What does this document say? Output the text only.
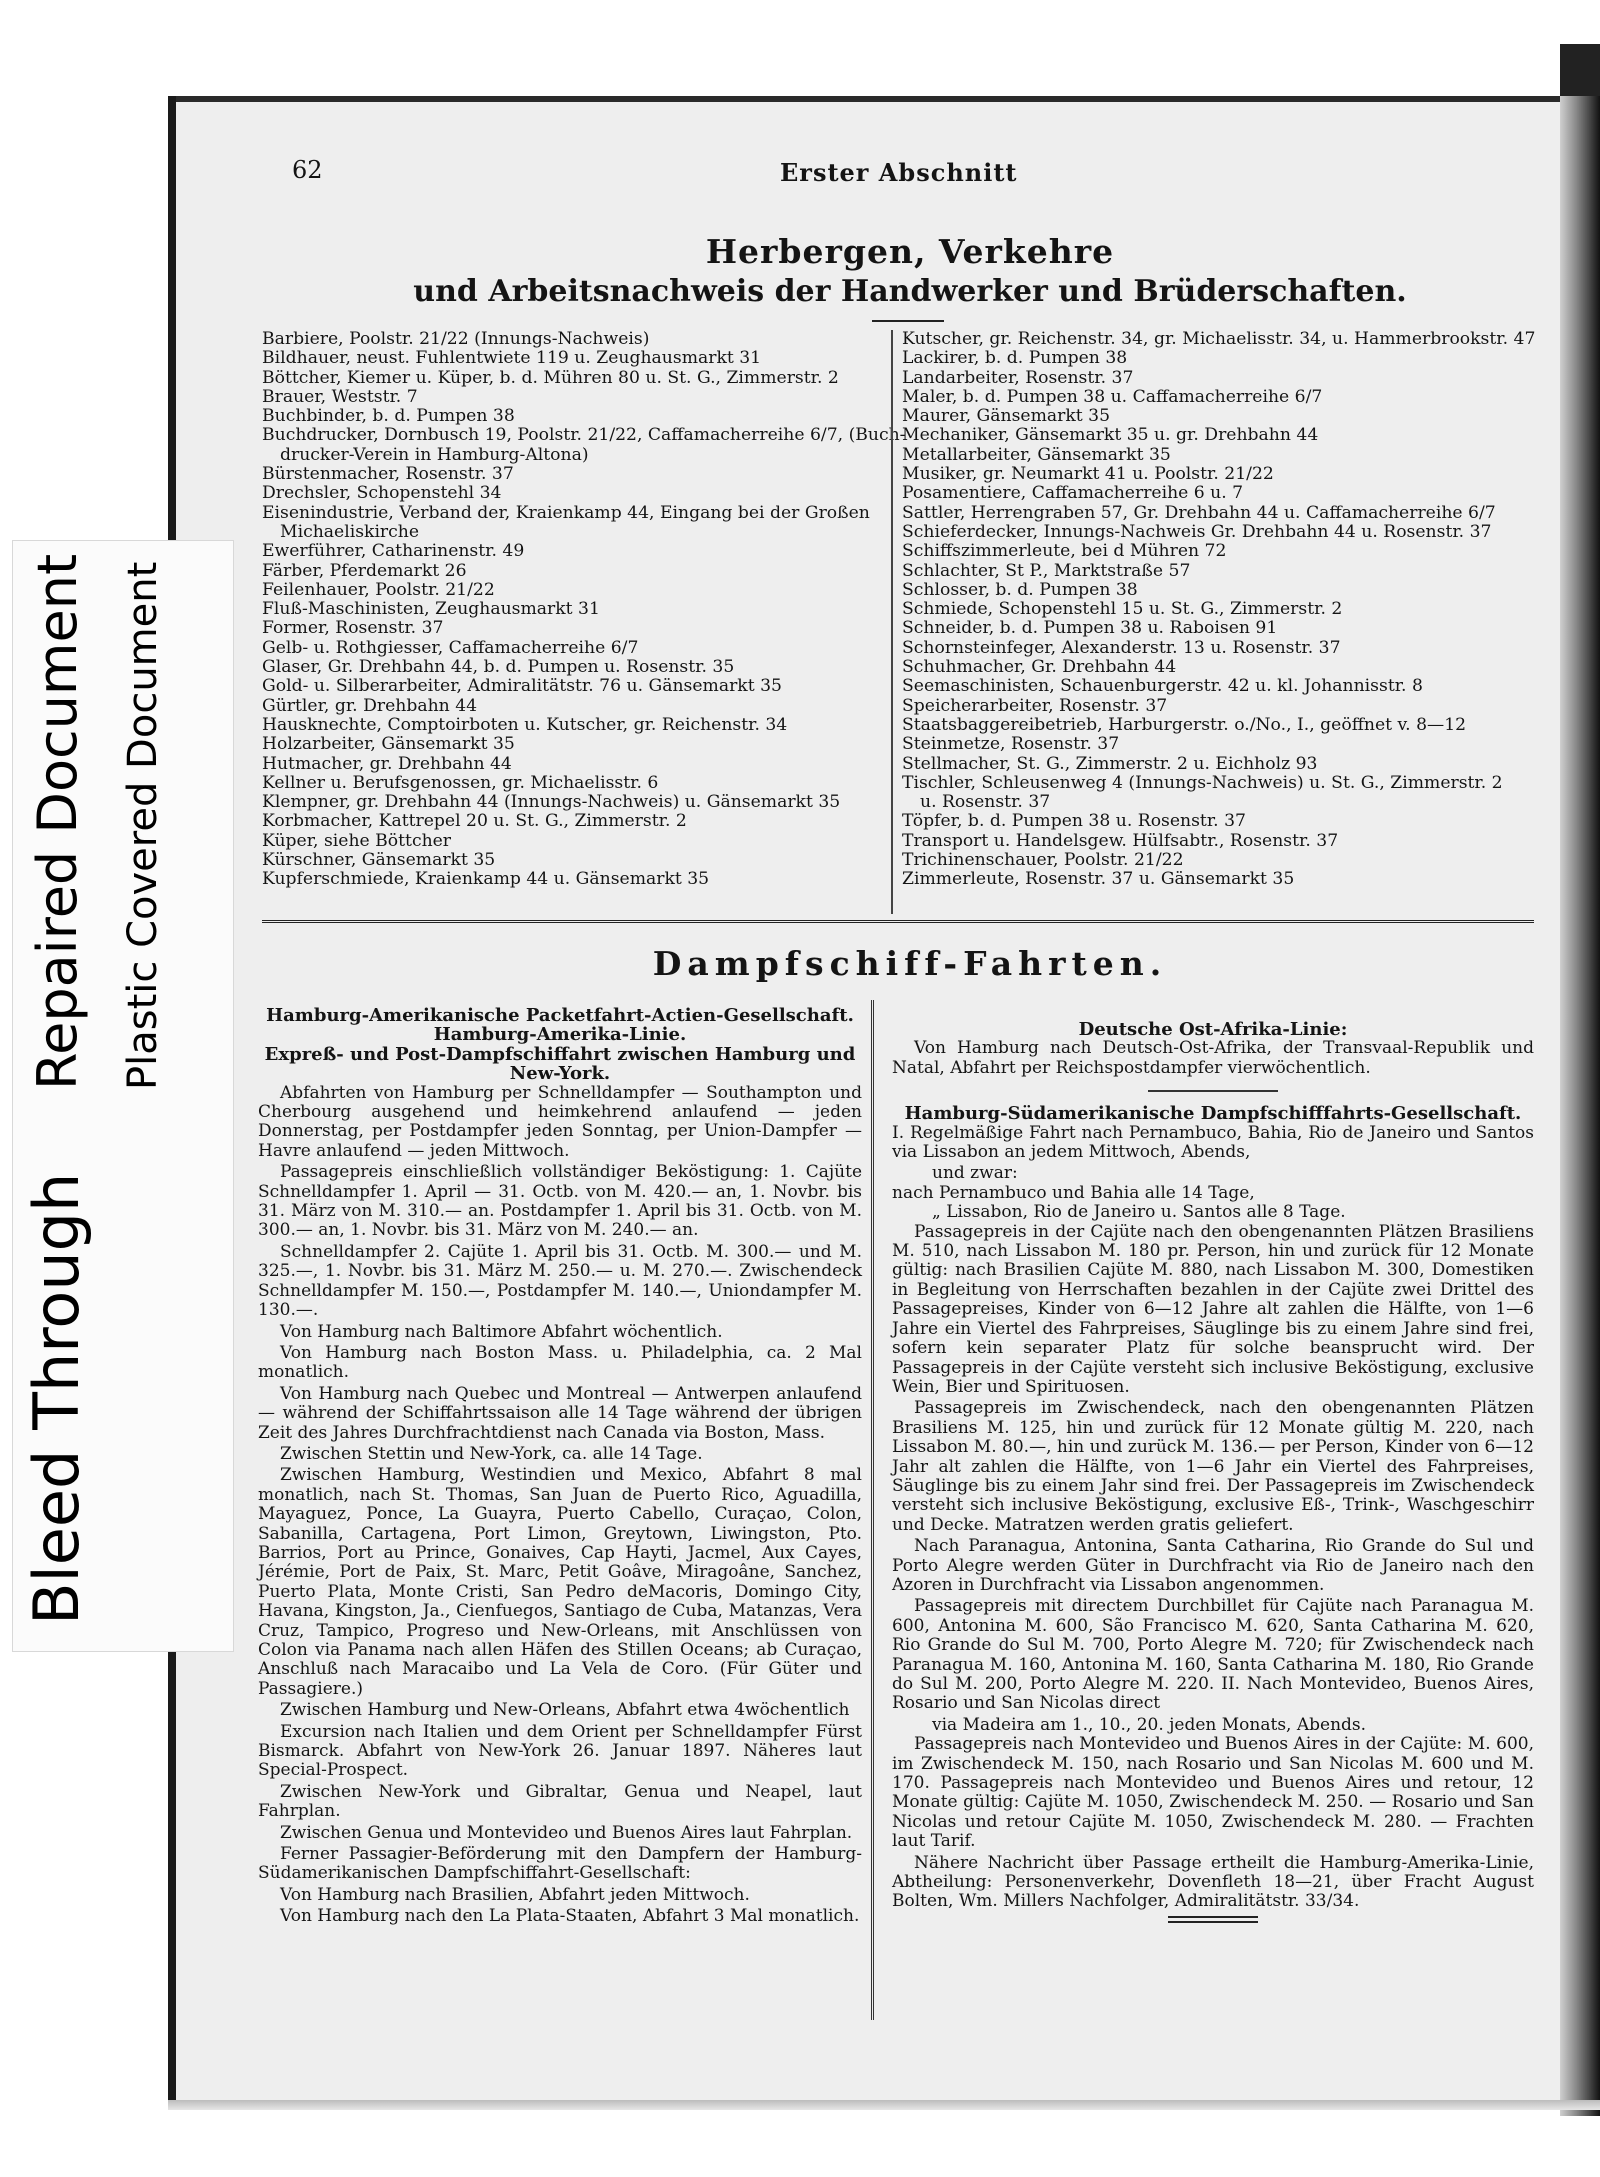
Bleed Through
Repaired Document Plastic Covered Document
62	Erster Abschnitt
Herbergen, Verkehre
und Arbeitsnachweis der Handwerker und Brüderschaften.
Barbiere, Poolstr. 21/22 (Innungs-Nachweis)
Bildhauer, neust. Fuhlentwiete 119 u. Zeughausmarkt 31
Böttcher, Kiemer u. Küper, b. d. Mühren 80 u. St. G., Zimmerstr. 2
Brauer, Weststr. 7
Buchbinder, b. d. Pumpen 38
Buchdrucker, Dornbusch 19, Poolstr. 21/22, Caffamacherreihe 6/7, (Buch-
drucker-Verein in Hamburg-Altona)
Bürstenmacher, Rosenstr. 37
Drechsler, Schopenstehl 34
Eisenindustrie, Verband der, Kraienkamp 44, Eingang bei der Großen
Michaeliskirche
Ewerführer, Catharinenstr. 49
Färber, Pferdemarkt 26
Feilenhauer, Poolstr. 21/22
Fluß-Maschinisten, Zeughausmarkt 31
Former, Rosenstr. 37
Gelb- u. Rothgiesser, Caffamacherreihe 6/7
Glaser, Gr. Drehbahn 44, b. d. Pumpen u. Rosenstr. 35
Gold- u. Silberarbeiter, Admiralitätstr. 76 u. Gänsemarkt 35
Gürtler, gr. Drehbahn 44
Hausknechte, Comptoirboten u. Kutscher, gr. Reichenstr. 34
Holzarbeiter, Gänsemarkt 35
Hutmacher, gr. Drehbahn 44
Kellner u. Berufsgenossen, gr. Michaelisstr. 6
Klempner, gr. Drehbahn 44 (Innungs-Nachweis) u. Gänsemarkt 35
Korbmacher, Kattrepel 20 u. St. G., Zimmerstr. 2
Küper, siehe Böttcher
Kürschner, Gänsemarkt 35
Kupferschmiede, Kraienkamp 44 u. Gänsemarkt 35
Kutscher, gr. Reichenstr. 34, gr. Michaelisstr. 34, u. Hammerbrookstr. 47
Lackirer, b. d. Pumpen 38
Landarbeiter, Rosenstr. 37
Maler, b. d. Pumpen 38 u. Caffamacherreihe 6/7
Maurer, Gänsemarkt 35
Mechaniker, Gänsemarkt 35 u. gr. Drehbahn 44
Metallarbeiter, Gänsemarkt 35
Musiker, gr. Neumarkt 41 u. Poolstr. 21/22
Posamentiere, Caffamacherreihe 6 u. 7
Sattler, Herrengraben 57, Gr. Drehbahn 44 u. Caffamacherreihe 6/7
Schieferdecker, Innungs-Nachweis Gr. Drehbahn 44 u. Rosenstr. 37
Schiffszimmerleute, bei d Mühren 72
Schlachter, St P., Marktstraße 57
Schlosser, b. d. Pumpen 38
Schmiede, Schopenstehl 15 u. St. G., Zimmerstr. 2
Schneider, b. d. Pumpen 38 u. Raboisen 91
Schornsteinfeger, Alexanderstr. 13 u. Rosenstr. 37
Schuhmacher, Gr. Drehbahn 44
Seemaschinisten, Schauenburgerstr. 42 u. kl. Johannisstr. 8
Speicherarbeiter, Rosenstr. 37
Staatsbaggereibetrieb, Harburgerstr. o./No., I., geöffnet v. 8—12
Steinmetze, Rosenstr. 37
Stellmacher, St. G., Zimmerstr. 2 u. Eichholz 93
Tischler, Schleusenweg 4 (Innungs-Nachweis) u. St. G., Zimmerstr. 2
u. Rosenstr. 37
Töpfer, b. d. Pumpen 38 u. Rosenstr. 37
Transport u. Handelsgew. Hülfsabtr., Rosenstr. 37
Trichinenschauer, Poolstr. 21/22
Zimmerleute, Rosenstr. 37 u. Gänsemarkt 35
Dampfschiff-Fahrten.
Hamburg-Amerikanische Packetfahrt-Actien-Gesellschaft.
Hamburg-Amerika-Linie.
Expreß- und Post-Dampfschiffahrt zwischen Hamburg und New-York.

Abfahrten von Hamburg per Schnelldampfer — Southampton und Cherbourg ausgehend und heimkehrend anlaufend — jeden Donnerstag, per Postdampfer jeden Sonntag, per Union-Dampfer — Havre anlaufend — jeden Mittwoch.

Passagepreis einschließlich vollständiger Beköstigung: 1. Cajüte Schnelldampfer 1. April — 31. Octb. von M. 420.— an, 1. Novbr. bis 31. März von M. 310.— an. Postdampfer 1. April bis 31. Octb. von M. 300.— an, 1. Novbr. bis 31. März von M. 240.— an.

Schnelldampfer 2. Cajüte 1. April bis 31. Octb. M. 300.— und M. 325.—, 1. Novbr. bis 31. März M. 250.— u. M. 270.—. Zwischendeck Schnelldampfer M. 150.—, Postdampfer M. 140.—, Uniondampfer M. 130.—.

Von Hamburg nach Baltimore Abfahrt wöchentlich.

Von Hamburg nach Boston Mass. u. Philadelphia, ca. 2 Mal monatlich.

Von Hamburg nach Quebec und Montreal — Antwerpen anlaufend — während der Schiffahrtssaison alle 14 Tage während der übrigen Zeit des Jahres Durchfrachtdienst nach Canada via Boston, Mass.

Zwischen Stettin und New-York, ca. alle 14 Tage.

Zwischen Hamburg, Westindien und Mexico, Abfahrt 8 mal monatlich, nach St. Thomas, San Juan de Puerto Rico, Aguadilla, Mayaguez, Ponce, La Guayra, Puerto Cabello, Curaçao, Colon, Sabanilla, Cartagena, Port Limon, Greytown, Liwingston, Pto. Barrios, Port au Prince, Gonaives, Cap Hayti, Jacmel, Aux Cayes, Jérémie, Port de Paix, St. Marc, Petit Goâve, Miragoâne, Sanchez, Puerto Plata, Monte Cristi, San Pedro deMacoris, Domingo City, Havana, Kingston, Ja., Cienfuegos, Santiago de Cuba, Matanzas, Vera Cruz, Tampico, Progreso und New-Orleans, mit Anschlüssen von Colon via Panama nach allen Häfen des Stillen Oceans; ab Curaçao, Anschluß nach Maracaibo und La Vela de Coro. (Für Güter und Passagiere.)

Zwischen Hamburg und New-Orleans, Abfahrt etwa 4wöchentlich

Excursion nach Italien und dem Orient per Schnelldampfer Fürst Bismarck. Abfahrt von New-York 26. Januar 1897. Näheres laut Special-Prospect.

Zwischen New-York und Gibraltar, Genua und Neapel, laut Fahrplan.

Zwischen Genua und Montevideo und Buenos Aires laut Fahrplan.

Ferner Passagier-Beförderung mit den Dampfern der Hamburg-Südamerikanischen Dampfschiffahrt-Gesellschaft:

Von Hamburg nach Brasilien, Abfahrt jeden Mittwoch.

Von Hamburg nach den La Plata-Staaten, Abfahrt 3 Mal monatlich.

Deutsche Ost-Afrika-Linie:

Von Hamburg nach Deutsch-Ost-Afrika, der Transvaal-Republik und Natal, Abfahrt per Reichspostdampfer vierwöchentlich.

Hamburg-Südamerikanische Dampfschifffahrts-Gesellschaft.

I. Regelmäßige Fahrt nach Pernambuco, Bahia, Rio de Janeiro und Santos via Lissabon an jedem Mittwoch, Abends,

und zwar:
nach Pernambuco und Bahia alle 14 Tage,
„ Lissabon, Rio de Janeiro u. Santos alle 8 Tage.

Passagepreis in der Cajüte nach den obengenannten Plätzen Brasiliens M. 510, nach Lissabon M. 180 pr. Person, hin und zurück für 12 Monate gültig: nach Brasilien Cajüte M. 880, nach Lissabon M. 300, Domestiken in Begleitung von Herrschaften bezahlen in der Cajüte zwei Drittel des Passagepreises, Kinder von 6—12 Jahre alt zahlen die Hälfte, von 1—6 Jahre ein Viertel des Fahrpreises, Säuglinge bis zu einem Jahre sind frei, sofern kein separater Platz für solche beansprucht wird. Der Passagepreis in der Cajüte versteht sich inclusive Beköstigung, exclusive Wein, Bier und Spirituosen.

Passagepreis im Zwischendeck, nach den obengenannten Plätzen Brasiliens M. 125, hin und zurück für 12 Monate gültig M. 220, nach Lissabon M. 80.—, hin und zurück M. 136.— per Person, Kinder von 6—12 Jahr alt zahlen die Hälfte, von 1—6 Jahr ein Viertel des Fahrpreises, Säuglinge bis zu einem Jahr sind frei. Der Passagepreis im Zwischendeck versteht sich inclusive Beköstigung, exclusive Eß-, Trink-, Waschgeschirr und Decke. Matratzen werden gratis geliefert.

Nach Paranagua, Antonina, Santa Catharina, Rio Grande do Sul und Porto Alegre werden Güter in Durchfracht via Rio de Janeiro nach den Azoren in Durchfracht via Lissabon angenommen.

Passagepreis mit directem Durchbillet für Cajüte nach Paranagua M. 600, Antonina M. 600, São Francisco M. 620, Santa Catharina M. 620, Rio Grande do Sul M. 700, Porto Alegre M. 720; für Zwischendeck nach Paranagua M. 160, Antonina M. 160, Santa Catharina M. 180, Rio Grande do Sul M. 200, Porto Alegre M. 220. II. Nach Montevideo, Buenos Aires, Rosario und San Nicolas direct

via Madeira am 1., 10., 20. jeden Monats, Abends.

Passagepreis nach Montevideo und Buenos Aires in der Cajüte: M. 600, im Zwischendeck M. 150, nach Rosario und San Nicolas M. 600 und M. 170. Passagepreis nach Montevideo und Buenos Aires und retour, 12 Monate gültig: Cajüte M. 1050, Zwischendeck M. 250. — Rosario und San Nicolas und retour Cajüte M. 1050, Zwischendeck M. 280. — Frachten laut Tarif.

Nähere Nachricht über Passage ertheilt die Hamburg-Amerika-Linie, Abtheilung: Personenverkehr, Dovenfleth 18—21, über Fracht August Bolten, Wm. Millers Nachfolger, Admiralitätstr. 33/34.
